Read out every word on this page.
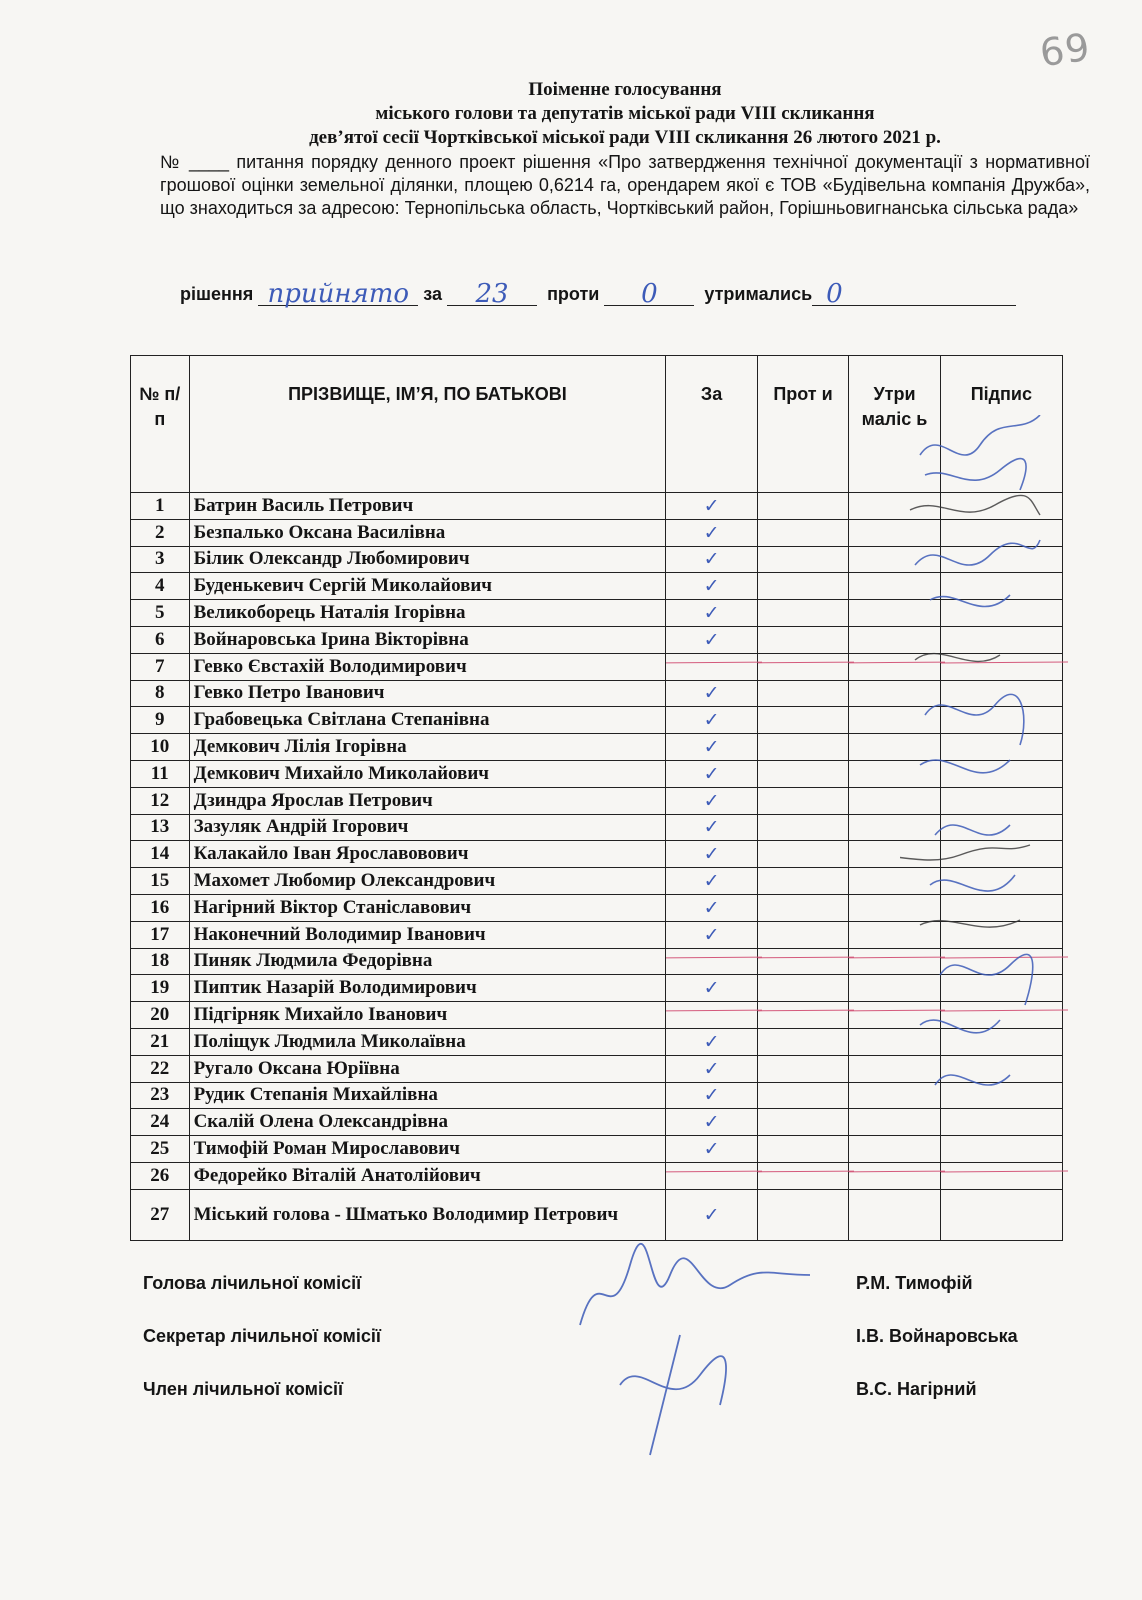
69
Поіменне голосування
міського голови та депутатів міської ради VIII скликання
дев’ятої сесії Чортківської міської ради VIII скликання 26 лютого 2021 р.
№ ____ питання порядку денного проект рішення «Про затвердження технічної документації з нормативної грошової оцінки земельної ділянки, площею 0,6214 га, орендарем якої є ТОВ «Будівельна компанія Дружба», що знаходиться за адресою: Тернопільська область, Чортківський район, Горішньовигнанська сільська рада»
рішення прийнято за 23 проти 0	утримались 0
№ п/п	ПРІЗВИЩЕ, ІМ’Я, ПО БАТЬКОВІ	За	Прот и	Утри маліс ь	Підпис
1	Батрин Василь Петрович	✓			
2	Безпалько Оксана Василівна	✓			
3	Білик Олександр Любомирович	✓			
4	Буденькевич Сергій Миколайович	✓			
5	Великоборець Наталія Ігорівна	✓			
6	Войнаровська Ірина Вікторівна	✓			
7	Гевко Євстахій Володимирович	

8	Гевко Петро Іванович	✓			
9	Грабовецька Світлана Степанівна	✓			
10	Демкович Лілія Ігорівна	✓			
11	Демкович Михайло Миколайович	✓			
12	Дзиндра Ярослав Петрович	✓			
13	Зазуляк Андрій Ігорович	✓			
14	Калакайло Іван Ярославовович	✓			
15	Махомет Любомир Олександрович	✓			
16	Нагірний Віктор Станіславович	✓			
17	Наконечний Володимир Іванович	✓			
18	Пиняк Людмила Федорівна	

19	Пиптик Назарій Володимирович	✓			
20	Підгірняк Михайло Іванович	

21	Поліщук Людмила Миколаївна	✓			
22	Ругало Оксана Юріївна	✓			
23	Рудик Степанія Михайлівна	✓			
24	Скалій Олена Олександрівна	✓			
25	Тимофій Роман Мирославович	✓			
26	Федорейко Віталій Анатолійович	

27	Міський голова - Шматько Володимир Петрович	✓			
Голова лічильної комісії	Р.М. Тимофій
Секретар лічильної комісії	І.В. Войнаровська
Член лічильної комісії	В.С. Нагірний
